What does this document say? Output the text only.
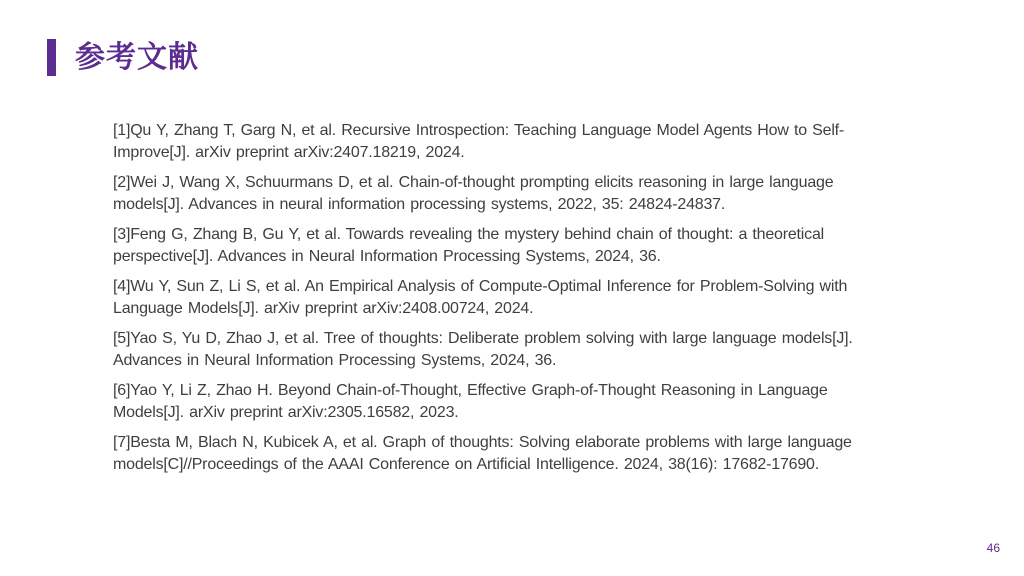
参考文献

[1]Qu Y, Zhang T, Garg N, et al. Recursive Introspection: Teaching Language Model Agents How to Self-Improve[J]. arXiv preprint arXiv:2407.18219, 2024.

[2]Wei J, Wang X, Schuurmans D, et al. Chain-of-thought prompting elicits reasoning in large language models[J]. Advances in neural information processing systems, 2022, 35: 24824-24837.

[3]Feng G, Zhang B, Gu Y, et al. Towards revealing the mystery behind chain of thought: a theoretical perspective[J]. Advances in Neural Information Processing Systems, 2024, 36.

[4]Wu Y, Sun Z, Li S, et al. An Empirical Analysis of Compute-Optimal Inference for Problem-Solving with Language Models[J]. arXiv preprint arXiv:2408.00724, 2024.

[5]Yao S, Yu D, Zhao J, et al. Tree of thoughts: Deliberate problem solving with large language models[J]. Advances in Neural Information Processing Systems, 2024, 36.

[6]Yao Y, Li Z, Zhao H. Beyond Chain-of-Thought, Effective Graph-of-Thought Reasoning in Language Models[J]. arXiv preprint arXiv:2305.16582, 2023.

[7]Besta M, Blach N, Kubicek A, et al. Graph of thoughts: Solving elaborate problems with large language models[C]//Proceedings of the AAAI Conference on Artificial Intelligence. 2024, 38(16): 17682-17690.

46
